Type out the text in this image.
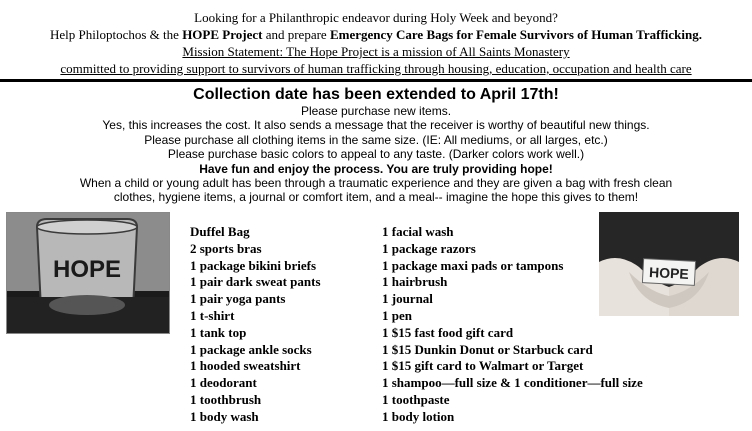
Looking for a Philanthropic endeavor during Holy Week and beyond?
Help Philoptochos & the HOPE Project and prepare Emergency Care Bags for Female Survivors of Human Trafficking.
Mission Statement: The Hope Project is a mission of All Saints Monastery
committed to providing support to survivors of human trafficking through housing, education, occupation and health care
Collection date has been extended to April 17th!
Please purchase new items.
Yes, this increases the cost. It also sends a message that the receiver is worthy of beautiful new things.
Please purchase all clothing items in the same size. (IE: All mediums, or all larges, etc.)
Please purchase basic colors to appeal to any taste. (Darker colors work well.)
Have fun and enjoy the process. You are truly providing hope!
When a child or young adult has been through a traumatic experience and they are given a bag with fresh clean
clothes, hygiene items, a journal or comfort item, and a meal-- imagine the hope this gives to them!
HOPE	HOPE
Duffel Bag
2 sports bras
1 package bikini briefs
1 pair dark sweat pants
1 pair yoga pants
1 t-shirt
1 tank top
1 package ankle socks
1 hooded sweatshirt
1 deodorant
1 toothbrush
1 body wash
1 facial wash
1 package razors
1 package maxi pads or tampons
1 hairbrush
1 journal
1 pen
1 $15 fast food gift card
1 $15 Dunkin Donut or Starbuck card
1 $15 gift card to Walmart or Target
1 shampoo—full size & 1 conditioner—full size
1 toothpaste
1 body lotion
